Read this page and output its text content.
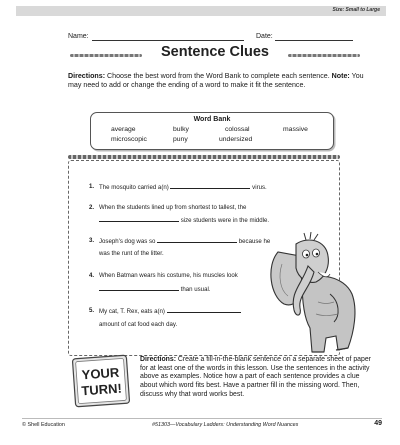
Size: Small to Large
Name:	Date:
Sentence Clues
Directions: Choose the best word from the Word Bank to complete each sentence. Note: You may need to add or change the ending of a word to make it fit the sentence.
Word Bank
average	bulky	colossal	massive
microscopic	puny	undersized
1. The mosquito carried a(n)	virus.
2. When the students lined up from shortest to tallest, the
size students were in the middle.
3. Joseph's dog was so	because he
was the runt of the litter.
4. When Batman wears his costume, his muscles look
than usual.
5. My cat, T. Rex, eats a(n)
amount of cat food each day.
YOUR
TURN!
Directions: Create a fill-in-the-blank sentence on a separate sheet of paper for at least one of the words in this lesson. Use the sentences in the activity above as examples. Notice how a part of each sentence provides a clue about which word fits best. Have a partner fill in the missing word. Then, discuss why that word works best.
© Shell Education	#51303—Vocabulary Ladders: Understanding Word Nuances	49
